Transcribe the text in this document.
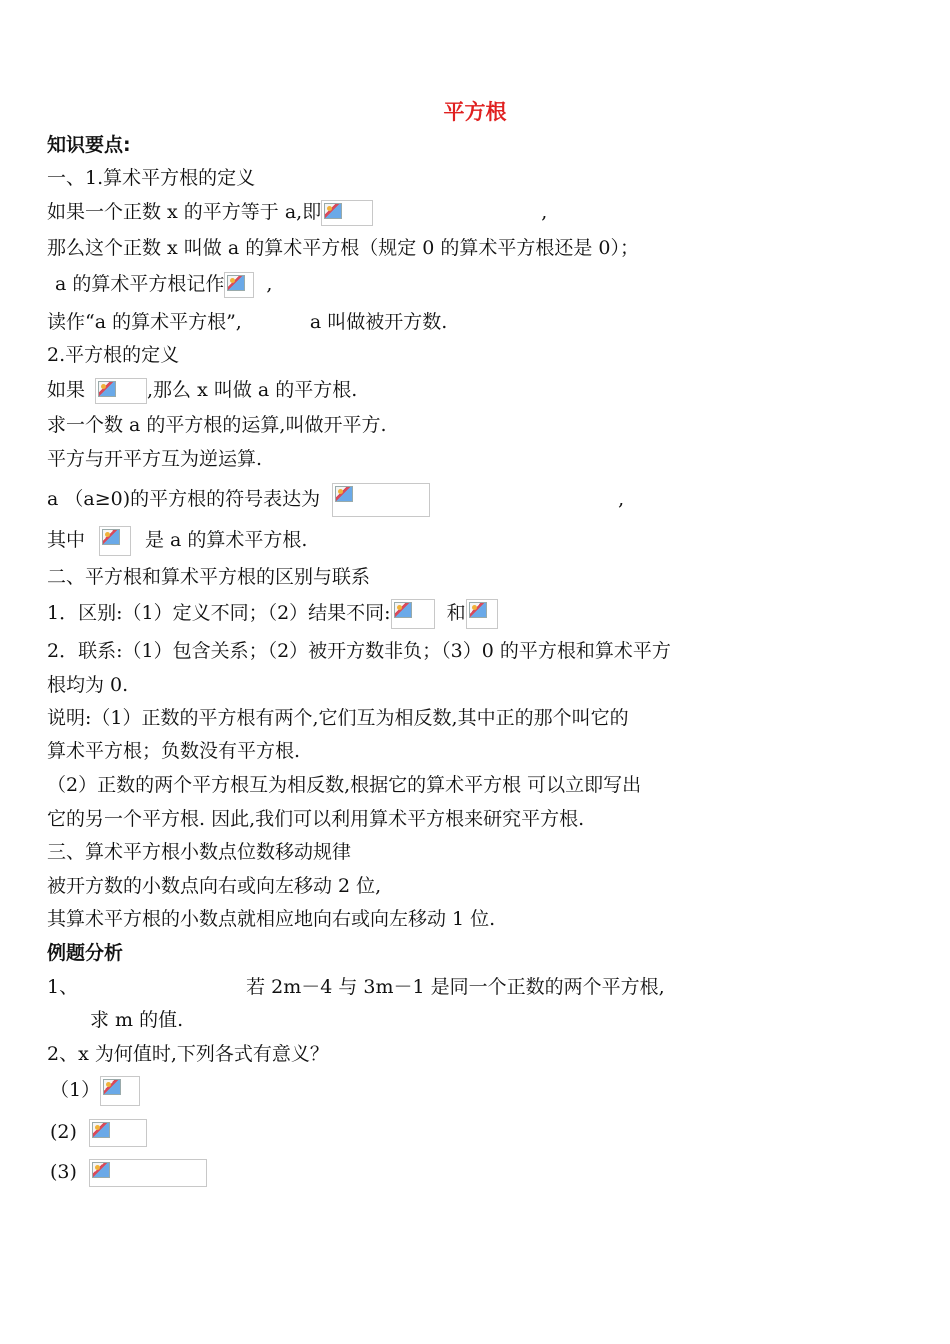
平方根
知识要点:
一、1.算术平方根的定义
如果一个正数 x 的平方等于 a,即	,
那么这个正数 x 叫做 a 的算术平方根（规定 0 的算术平方根还是 0）；
a 的算术平方根记作 ,
读作“a 的算术平方根”,	a 叫做被开方数.
2.平方根的定义
如果	,那么 x 叫做 a 的平方根.
求一个数 a 的平方根的运算,叫做开平方.
平方与开平方互为逆运算.
a （a≥0)的平方根的符号表达为	,
其中	是 a 的算术平方根.
二、平方根和算术平方根的区别与联系
1．区别:（1）定义不同；（2）结果不同:	和
2．联系:（1）包含关系；（2）被开方数非负；（3）0 的平方根和算术平方
根均为 0.
说明:（1）正数的平方根有两个,它们互为相反数,其中正的那个叫它的
算术平方根；负数没有平方根.
（2）正数的两个平方根互为相反数,根据它的算术平方根 可以立即写出
它的另一个平方根. 因此,我们可以利用算术平方根来研究平方根.
三、算术平方根小数点位数移动规律
被开方数的小数点向右或向左移动 2 位,
其算术平方根的小数点就相应地向右或向左移动 1 位.
例题分析
1、	若 2m－4 与 3m－1 是同一个正数的两个平方根,
求 m 的值.
2、x 为何值时,下列各式有意义？
（1）
(2)
(3)
